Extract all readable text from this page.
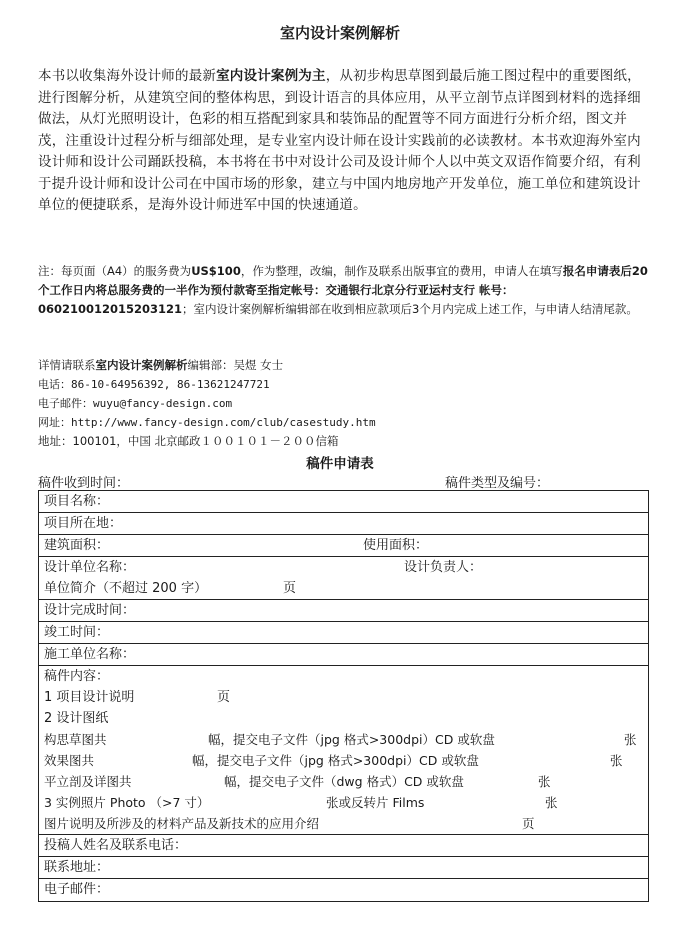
室内设计案例解析
本书以收集海外设计师的最新室内设计案例为主，从初步构思草图到最后施工图过程中的重要图纸，进行图解分析，从建筑空间的整体构思，到设计语言的具体应用，从平立剖节点详图到材料的选择细做法，从灯光照明设计，色彩的相互搭配到家具和装饰品的配置等不同方面进行分析介绍，图文并茂，注重设计过程分析与细部处理，是专业室内设计师在设计实践前的必读教材。本书欢迎海外室内设计师和设计公司踊跃投稿，本书将在书中对设计公司及设计师个人以中英文双语作简要介绍，有利于提升设计师和设计公司在中国市场的形象，建立与中国内地房地产开发单位，施工单位和建筑设计单位的便捷联系，是海外设计师进军中国的快速通道。
注：每页面（A4）的服务费为US$100，作为整理，改编，制作及联系出版事宜的费用，申请人在填写报名申请表后20个工作日内将总服务费的一半作为预付款寄至指定帐号：交通银行北京分行亚运村支行 帐号：060210012015203121；室内设计案例解析编辑部在收到相应款项后3个月内完成上述工作，与申请人结清尾款。
详情请联系室内设计案例解析编辑部：吴煜 女士
电话：86-10-64956392, 86-13621247721
电子邮件：wuyu@fancy-design.com
网址：http://www.fancy-design.com/club/casestudy.htm
地址：100101，中国 北京邮政１００１０１－２００信箱
稿件申请表
稿件收到时间：	稿件类型及编号：
项目名称：
项目所在地：
建筑面积：	使用面积：
设计单位名称：	设计负责人：
单位简介（不超过 200 字）	页
设计完成时间：
竣工时间：
施工单位名称：
稿件内容：
1 项目设计说明	页
2 设计图纸
构思草图共	幅，提交电子文件（jpg 格式>300dpi）CD 或软盘	张
效果图共	幅，提交电子文件（jpg 格式>300dpi）CD 或软盘	张
平立剖及详图共	幅，提交电子文件（dwg 格式）CD 或软盘	张
3 实例照片 Photo （>7 寸）	张或反转片 Films	张
图片说明及所涉及的材料产品及新技术的应用介绍	页
投稿人姓名及联系电话：
联系地址：
电子邮件：
